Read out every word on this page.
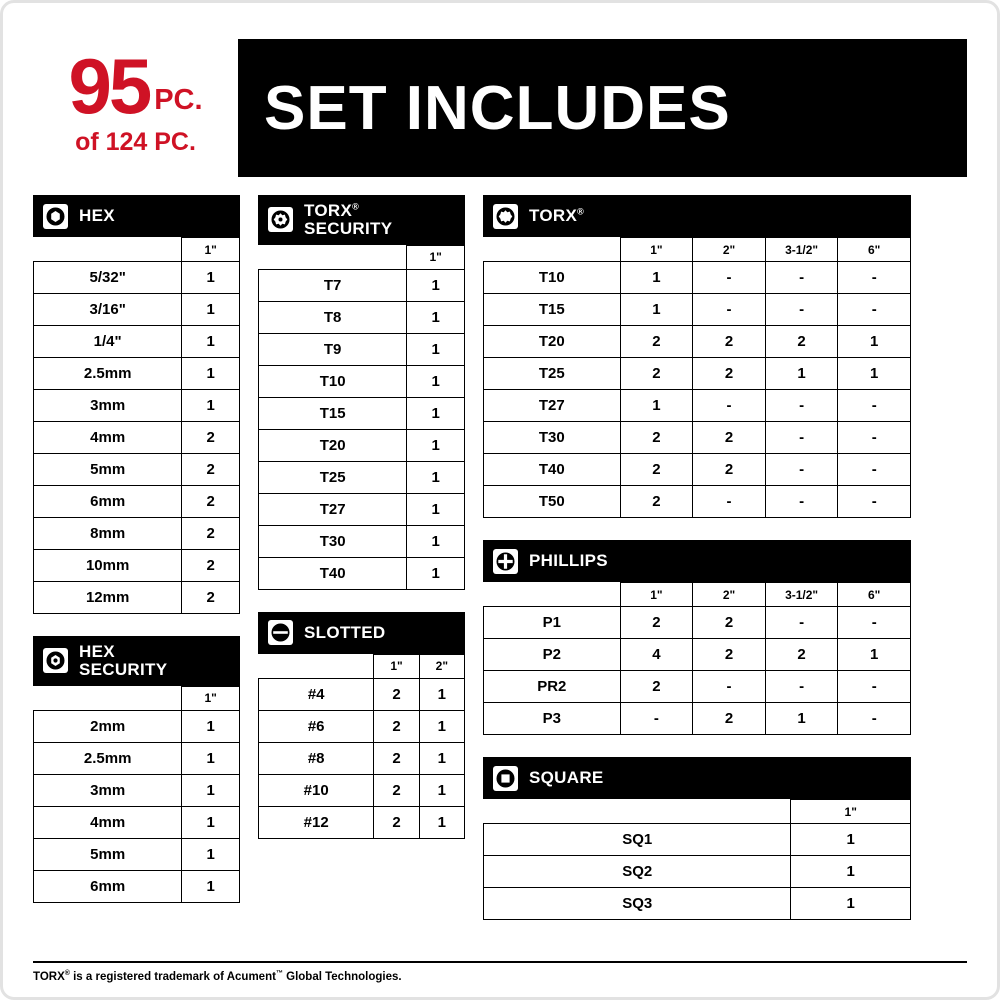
95 PC.
of 124 PC. SET INCLUDES
HEX
	1"
5/32"	1
3/16"	1
1/4"	1
2.5mm	1
3mm	1
4mm	2
5mm	2
6mm	2
8mm	2
10mm	2
12mm	2
HEX
SECURITY
	1"
2mm	1
2.5mm	1
3mm	1
4mm	1
5mm	1
6mm	1
TORX®
SECURITY
	1"
T7	1
T8	1
T9	1
T10	1
T15	1
T20	1
T25	1
T27	1
T30	1
T40	1
SLOTTED
	1"	2"
#4	2	1
#6	2	1
#8	2	1
#10	2	1
#12	2	1
TORX®
	1"	2"	3-1/2"	6"
T10	1	-	-	-
T15	1	-	-	-
T20	2	2	2	1
T25	2	2	1	1
T27	1	-	-	-
T30	2	2	-	-
T40	2	2	-	-
T50	2	-	-	-
PHILLIPS
	1"	2"	3-1/2"	6"
P1	2	2	-	-
P2	4	2	2	1
PR2	2	-	-	-
P3	-	2	1	-
SQUARE
	1"
SQ1	1
SQ2	1
SQ3	1
TORX® is a registered trademark of Acument™ Global Technologies.
